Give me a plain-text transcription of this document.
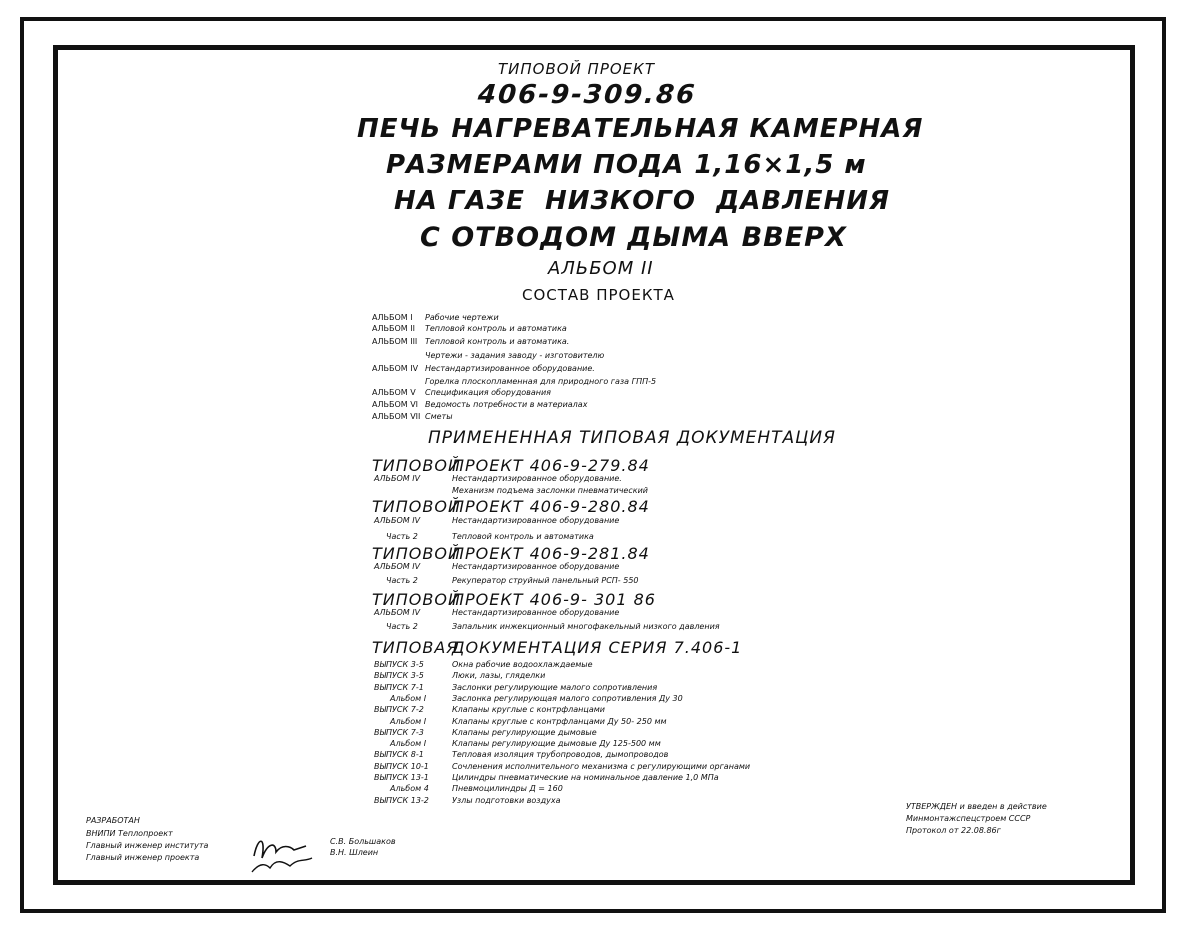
ТИПОВОЙ ПРОЕКТ
406-9-309.86
ПЕЧЬ НАГРЕВАТЕЛЬНАЯ КАМЕРНАЯ
РАЗМЕРАМИ ПОДА 1,16×1,5 м
НА ГАЗЕ  НИЗКОГО  ДАВЛЕНИЯ
С ОТВОДОМ ДЫМА ВВЕРХ
АЛЬБОМ II
СОСТАВ ПРОЕКТА
ПРИМЕНЕННАЯ ТИПОВАЯ ДОКУМЕНТАЦИЯ
РАЗРАБОТАН
ВНИПИ Теплопроект
Главный инженер института
Главный инженер проекта
С.В. Большаков
В.Н. Шлеин
УТВЕРЖДЕН и введен в действие
Минмонтажспецстроем СССР
Протокол от 22.08.86г
АЛЬБОМ I Рабочие чертежи
АЛЬБОМ II Тепловой контроль и автоматика
АЛЬБОМ III Тепловой контроль и автоматика.
Чертежи - задания заводу - изготовителю
АЛЬБОМ IV Нестандартизированное оборудование.
Горелка плоскопламенная для природного газа ГПП-5
АЛЬБОМ V Спецификация оборудования
АЛЬБОМ VI Ведомость потребности в материалах
АЛЬБОМ VII Сметы
ТИПОВОЙ
ПРОЕКТ 406-9-279.84
АЛЬБОМ IV	Нестандартизированное оборудование.
Механизм подъема заслонки пневматический
ТИПОВОЙ
ПРОЕКТ 406-9-280.84
АЛЬБОМ IV	Нестандартизированное оборудование
Часть 2	Тепловой контроль и автоматика
ТИПОВОЙ
ПРОЕКТ 406-9-281.84
АЛЬБОМ IV	Нестандартизированное оборудование
Часть 2	Рекуператор струйный панельный РСП- 550
ТИПОВОЙ
ПРОЕКТ 406-9- 301 86
АЛЬБОМ IV	Нестандартизированное оборудование
Часть 2	Запальник инжекционный многофакельный низкого давления
ТИПОВАЯ
ДОКУМЕНТАЦИЯ СЕРИЯ 7.406-1
ВЫПУСК 3-5	Окна рабочие водоохлаждаемые
ВЫПУСК 3-5	Люки, лазы, гляделки
ВЫПУСК 7-1	Заслонки регулирующие малого сопротивления
Альбом I	Заслонка регулирующая малого сопротивления Ду 30
ВЫПУСК 7-2	Клапаны круглые с контрфланцами
Альбом I	Клапаны круглые с контрфланцами Ду 50- 250 мм
ВЫПУСК 7-3	Клапаны регулирующие дымовые
Альбом I	Клапаны регулирующие дымовые Ду 125-500 мм
ВЫПУСК 8-1	Тепловая изоляция трубопроводов, дымопроводов
ВЫПУСК 10-1	Сочленения исполнительного механизма с регулирующими органами
ВЫПУСК 13-1	Цилиндры пневматические на номинальное давление 1,0 МПа
Альбом 4	Пневмоцилиндры Д = 160
ВЫПУСК 13-2	Узлы подготовки воздуха
